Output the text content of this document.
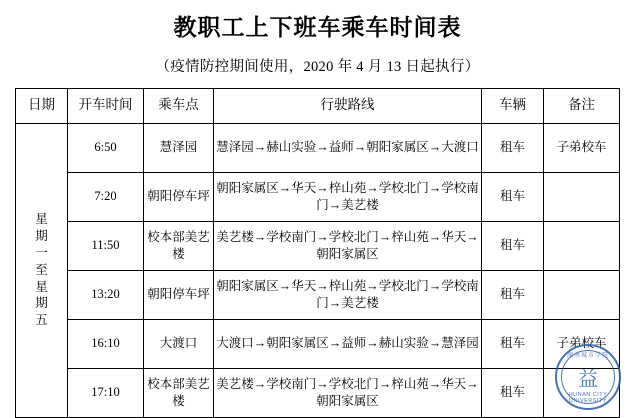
教职工上下班车乘车时间表
（疫情防控期间使用，2020 年 4 月 13 日起执行）
日期	开车时间	乘车点	行驶路线	车辆	备注

星
期
一
至
星
期
五
	6:50	慧泽园	慧泽园→赫山实验→益师→朝阳家属区→大渡口	租车	子弟校车
	7:20	朝阳停车坪	朝阳家属区→华天→梓山苑→学校北门→学校南门→美艺楼	租车	
	11:50	校本部美艺楼	美艺楼→学校南门→学校北门→梓山苑→华天→朝阳家属区	租车	
	13:20	朝阳停车坪	朝阳家属区→华天→梓山苑→学校北门→学校南门→美艺楼	租车	
	16:10	大渡口	大渡口→朝阳家属区→益师→赫山实验→慧泽园	租车	子弟校车
	17:10	校本部美艺楼	美艺楼→学校南门→学校北门→梓山苑→华天→朝阳家属区	租车	
湖南城市学院
益
HUNAN CITY UNIVERSITY
